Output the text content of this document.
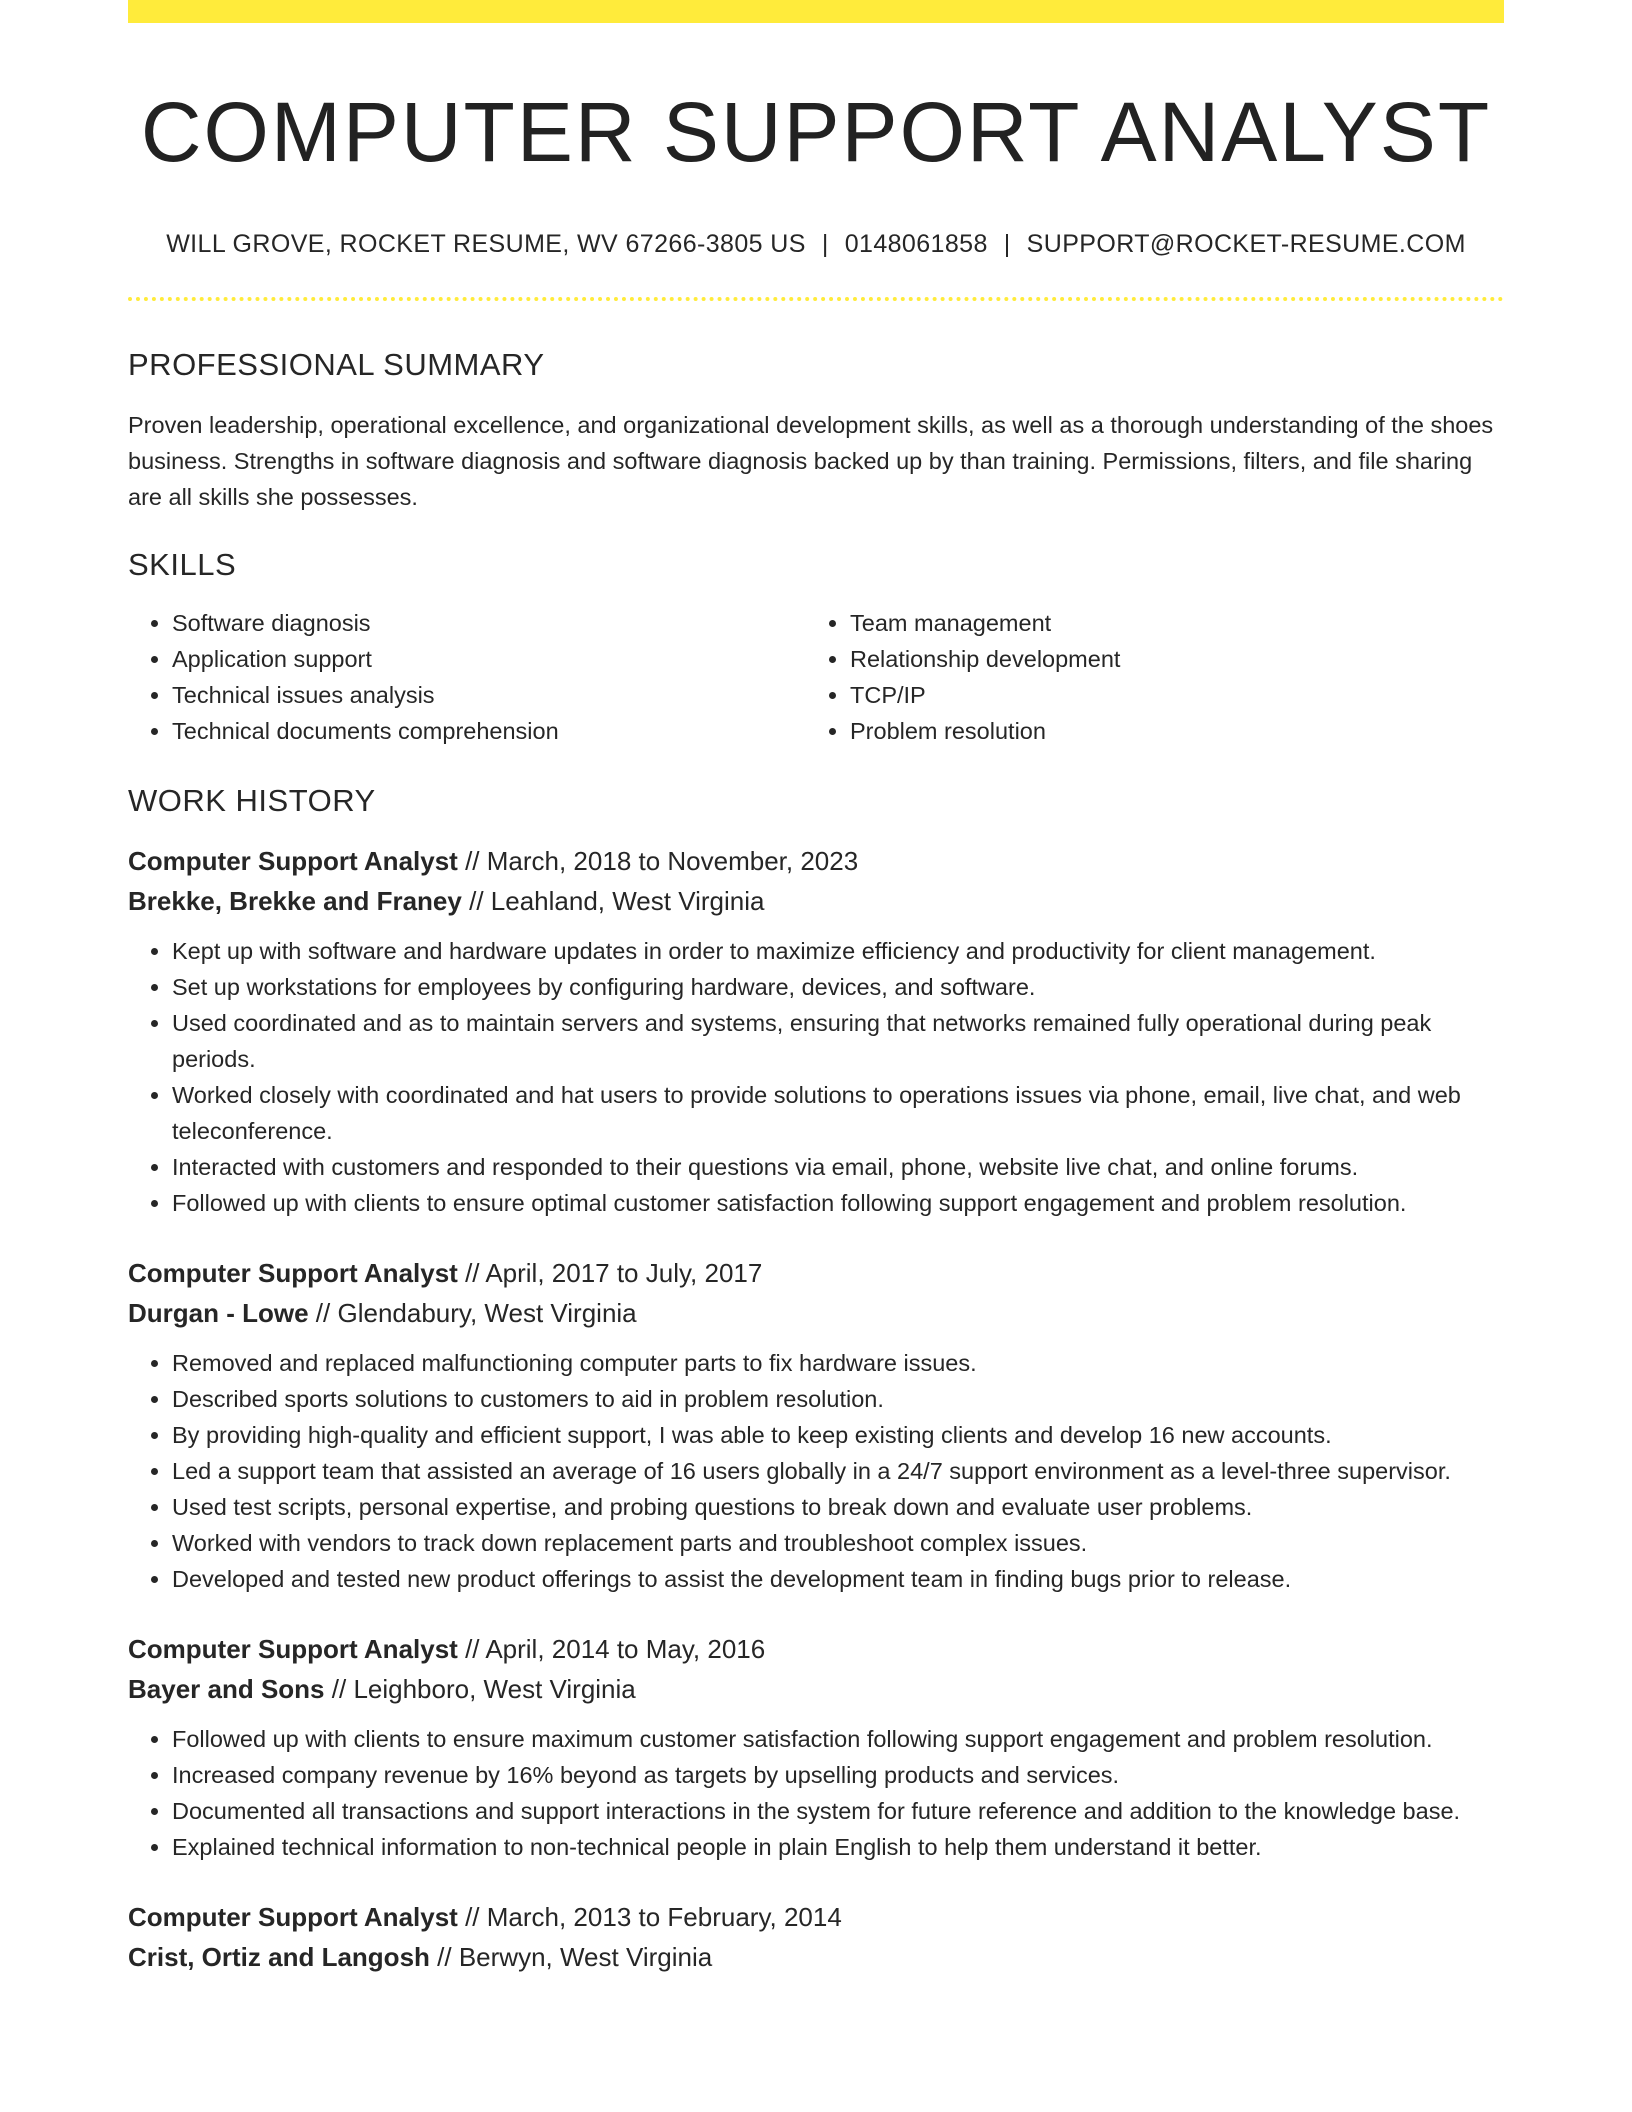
COMPUTER SUPPORT ANALYST
WILL GROVE, ROCKET RESUME, WV 67266-3805 US | 0148061858 | SUPPORT@ROCKET-RESUME.COM
PROFESSIONAL SUMMARY
Proven leadership, operational excellence, and organizational development skills, as well as a thorough understanding of the shoes business. Strengths in software diagnosis and software diagnosis backed up by than training. Permissions, filters, and file sharing are all skills she possesses.
SKILLS
• Software diagnosis
• Application support
• Technical issues analysis
• Technical documents comprehension
• Team management
• Relationship development
• TCP/IP
• Problem resolution
WORK HISTORY
Computer Support Analyst // March, 2018 to November, 2023
Brekke, Brekke and Franey // Leahland, West Virginia
• Kept up with software and hardware updates in order to maximize efficiency and productivity for client management.
• Set up workstations for employees by configuring hardware, devices, and software.
• Used coordinated and as to maintain servers and systems, ensuring that networks remained fully operational during peak periods.
• Worked closely with coordinated and hat users to provide solutions to operations issues via phone, email, live chat, and web teleconference.
• Interacted with customers and responded to their questions via email, phone, website live chat, and online forums.
• Followed up with clients to ensure optimal customer satisfaction following support engagement and problem resolution.
Computer Support Analyst // April, 2017 to July, 2017
Durgan - Lowe // Glendabury, West Virginia
• Removed and replaced malfunctioning computer parts to fix hardware issues.
• Described sports solutions to customers to aid in problem resolution.
• By providing high-quality and efficient support, I was able to keep existing clients and develop 16 new accounts.
• Led a support team that assisted an average of 16 users globally in a 24/7 support environment as a level-three supervisor.
• Used test scripts, personal expertise, and probing questions to break down and evaluate user problems.
• Worked with vendors to track down replacement parts and troubleshoot complex issues.
• Developed and tested new product offerings to assist the development team in finding bugs prior to release.
Computer Support Analyst // April, 2014 to May, 2016
Bayer and Sons // Leighboro, West Virginia
• Followed up with clients to ensure maximum customer satisfaction following support engagement and problem resolution.
• Increased company revenue by 16% beyond as targets by upselling products and services.
• Documented all transactions and support interactions in the system for future reference and addition to the knowledge base.
• Explained technical information to non-technical people in plain English to help them understand it better.
Computer Support Analyst // March, 2013 to February, 2014
Crist, Ortiz and Langosh // Berwyn, West Virginia
